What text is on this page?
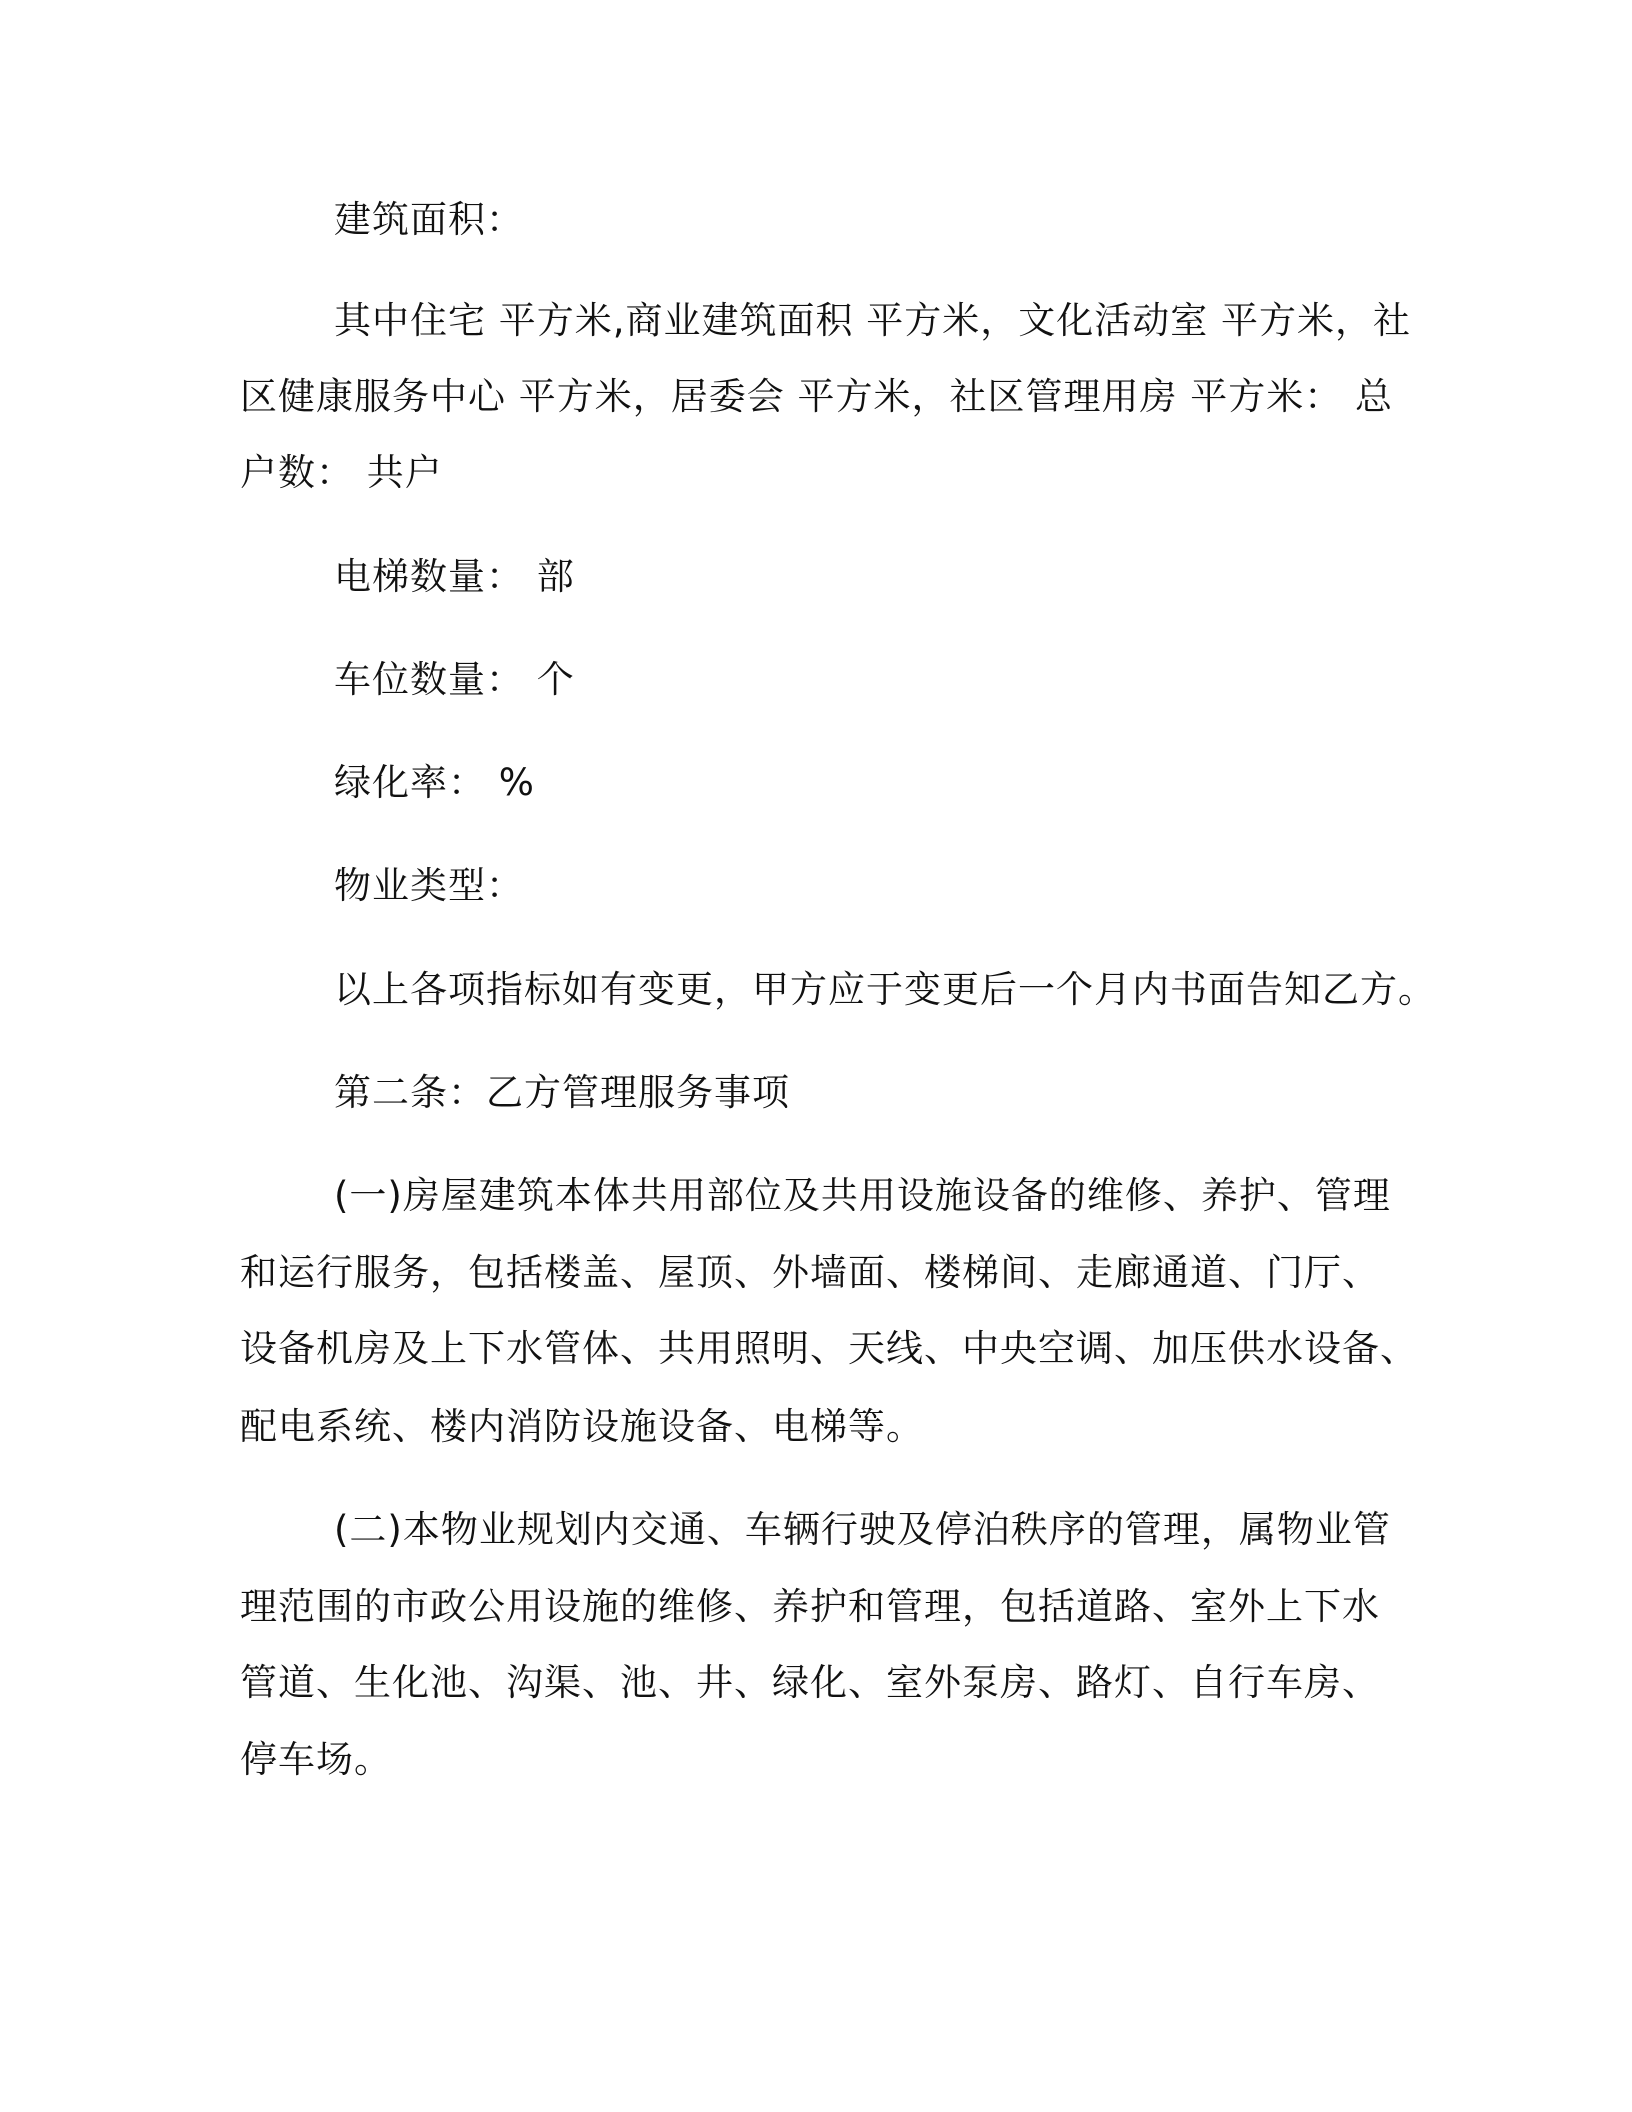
建筑面积：
其中住宅 平方米,商业建筑面积 平方米，文化活动室 平方米，社
区健康服务中心 平方米，居委会 平方米，社区管理用房 平方米： 总
户数： 共户
电梯数量： 部
车位数量： 个
绿化率： %
物业类型：
以上各项指标如有变更，甲方应于变更后一个月内书面告知乙方。
第二条：乙方管理服务事项
(一)房屋建筑本体共用部位及共用设施设备的维修、养护、管理
和运行服务，包括楼盖、屋顶、外墙面、楼梯间、走廊通道、门厅、
设备机房及上下水管体、共用照明、天线、中央空调、加压供水设备、
配电系统、楼内消防设施设备、电梯等。
(二)本物业规划内交通、车辆行驶及停泊秩序的管理，属物业管
理范围的市政公用设施的维修、养护和管理，包括道路、室外上下水
管道、生化池、沟渠、池、井、绿化、室外泵房、路灯、自行车房、
停车场。
